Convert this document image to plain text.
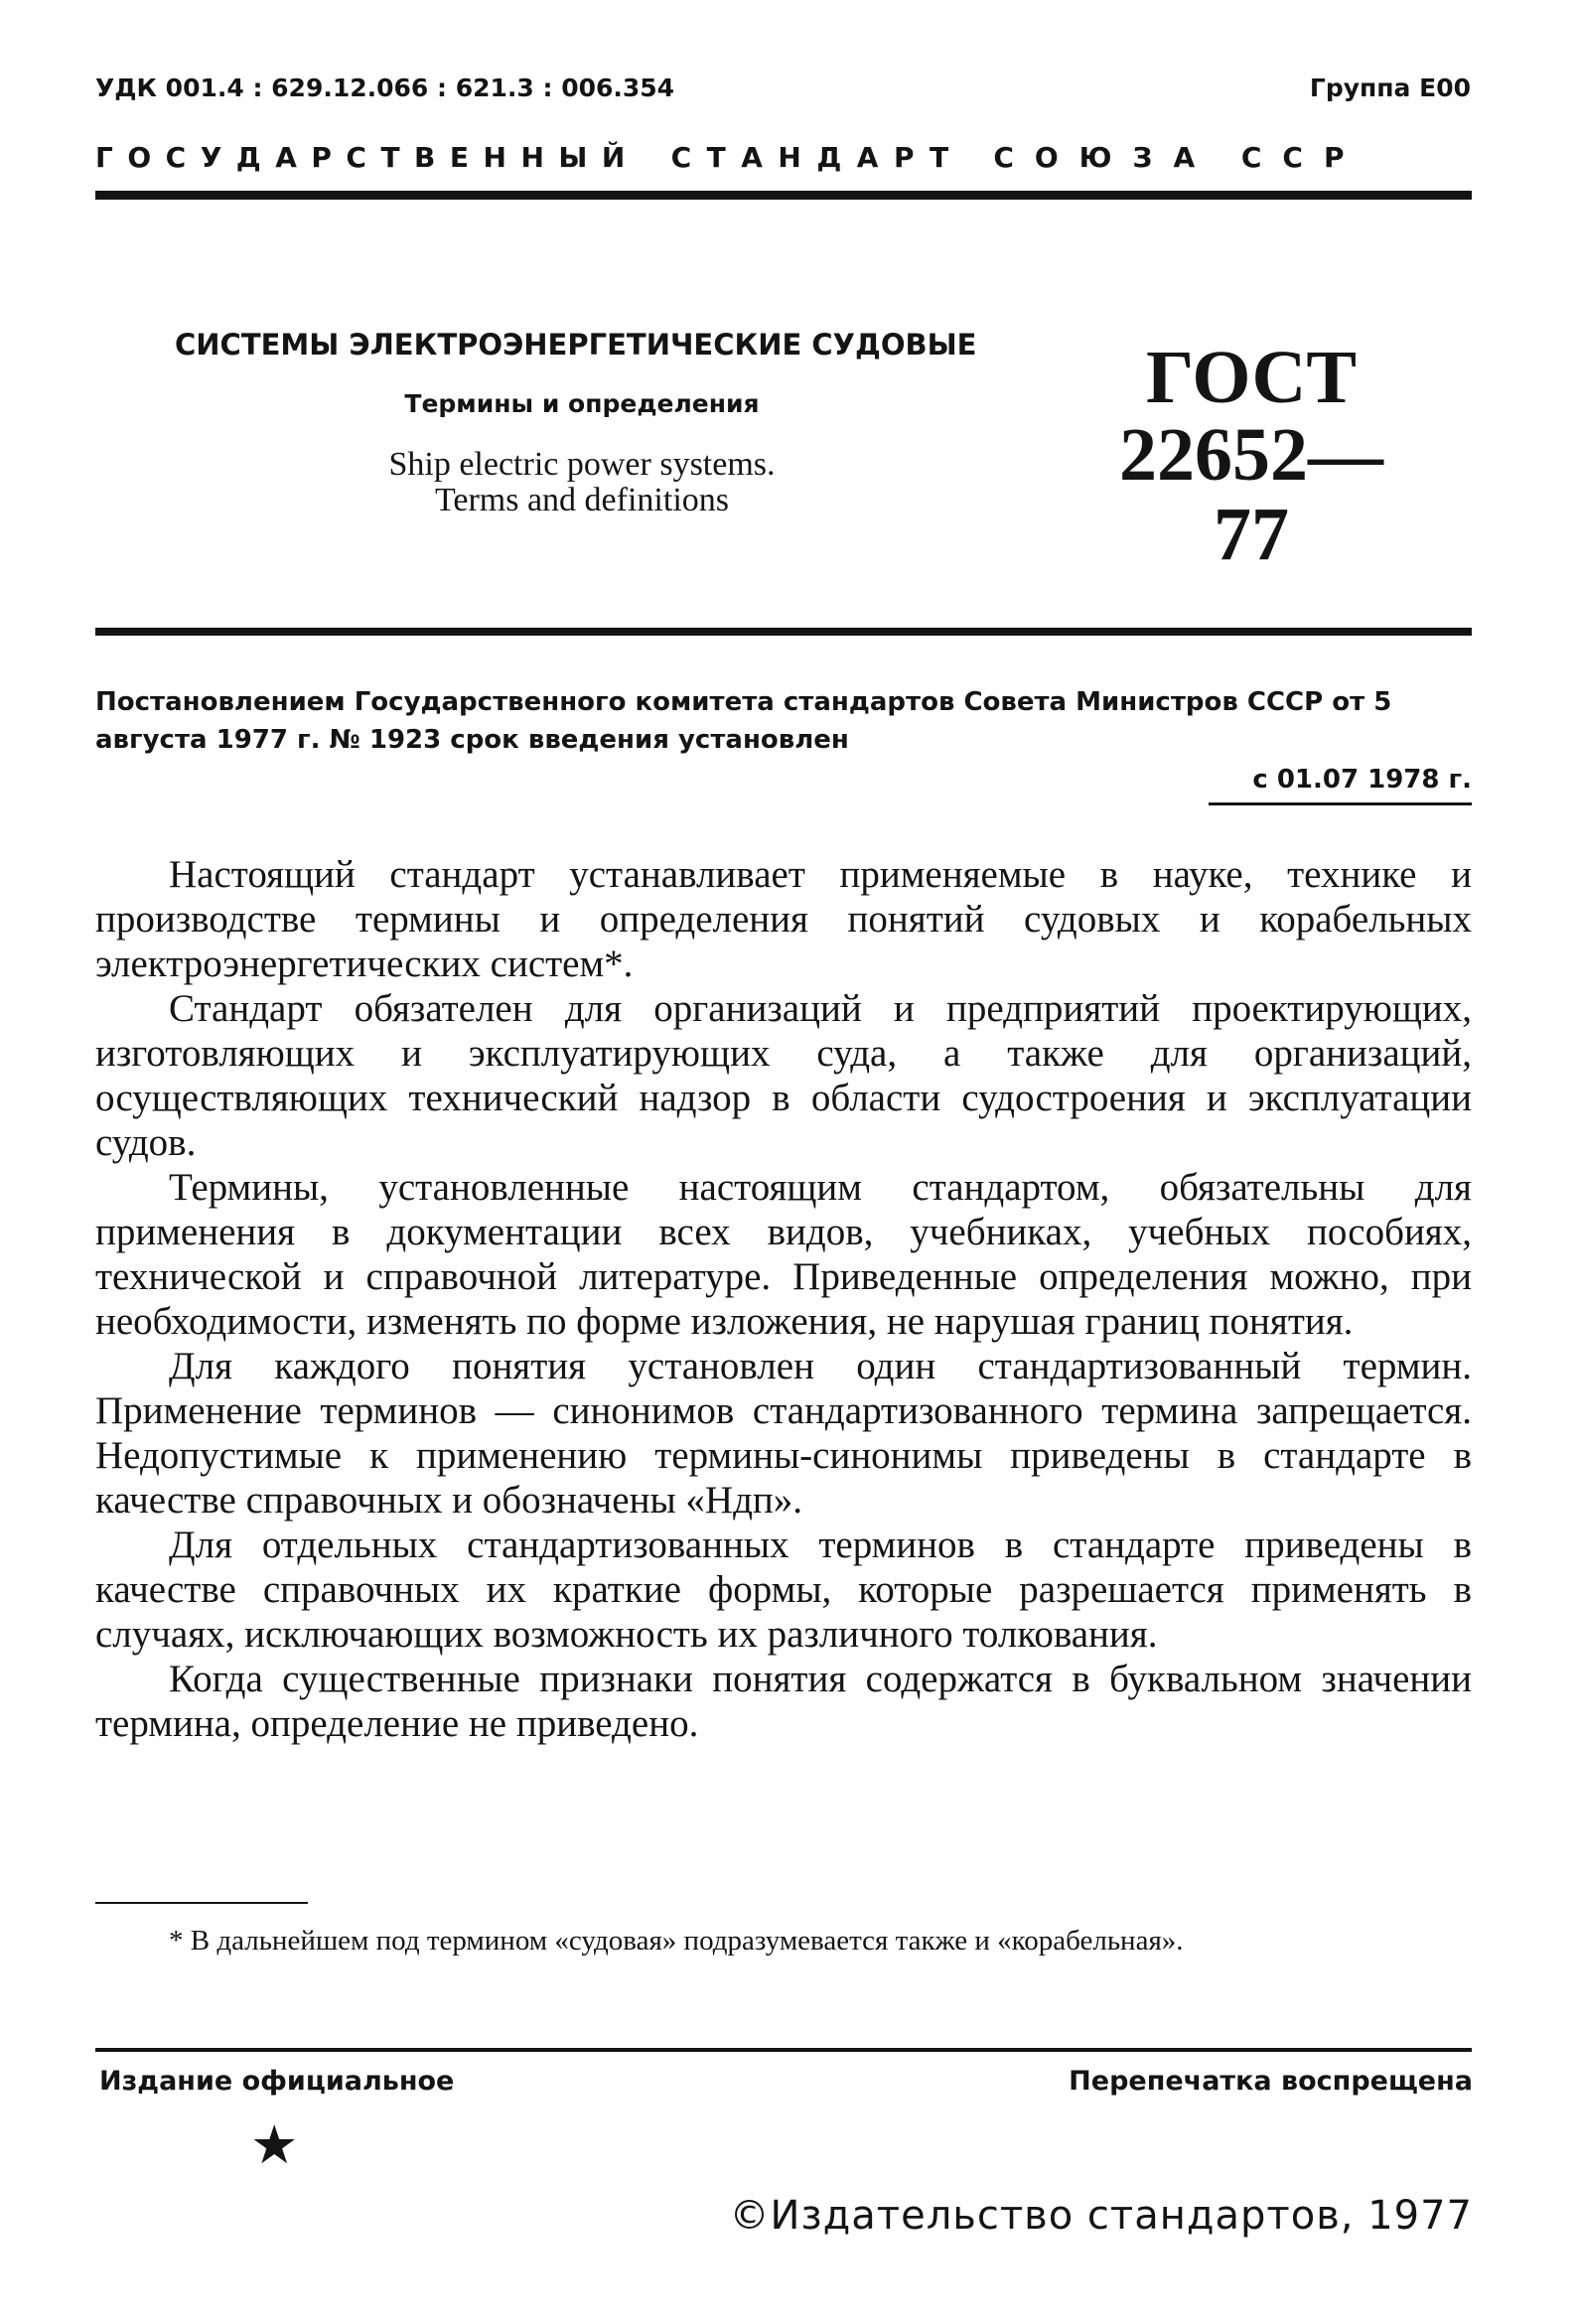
УДК 001.4 : 629.12.066 : 621.3 : 006.354	Группа Е00
ГОСУДАРСТВЕННЫЙ СТАНДАРТ СОЮЗА ССР
СИСТЕМЫ ЭЛЕКТРОЭНЕРГЕТИЧЕСКИЕ СУДОВЫЕ
Термины и определения
Ship electric power systems.
Terms and definitions
ГОСТ
22652—77
Постановлением Государственного комитета стандартов Совета Министров СССР от 5 августа 1977 г. № 1923 срок введения установлен
с 01.07 1978 г.

Настоящий стандарт устанавливает применяемые в науке, технике и производстве термины и определения понятий судовых и корабельных электроэнергетических систем*.

Стандарт обязателен для организаций и предприятий проектирующих, изготовляющих и эксплуатирующих суда, а также для организаций, осуществляющих технический надзор в области судостроения и эксплуатации судов.

Термины, установленные настоящим стандартом, обязательны для применения в документации всех видов, учебниках, учебных пособиях, технической и справочной литературе. Приведенные определения можно, при необходимости, изменять по форме изложения, не нарушая границ понятия.

Для каждого понятия установлен один стандартизованный термин. Применение терминов — синонимов стандартизованного термина запрещается. Недопустимые к применению термины-синонимы приведены в стандарте в качестве справочных и обозначены «Ндп».

Для отдельных стандартизованных терминов в стандарте приведены в качестве справочных их краткие формы, которые разрешается применять в случаях, исключающих возможность их различного толкования.

Когда существенные признаки понятия содержатся в буквальном значении термина, определение не приведено.

* В дальнейшем под термином «судовая» подразумевается также и «корабельная».
Издание официальное	Перепечатка воспрещена
★
©Издательство стандартов, 1977
